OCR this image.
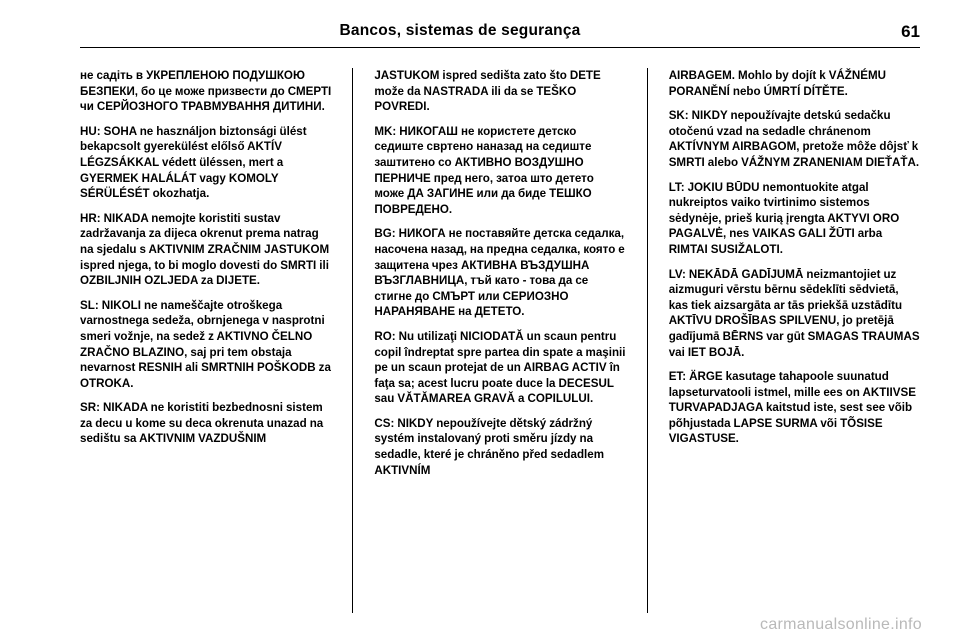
Bancos, sistemas de segurança	61

не садіть в УКРЕПЛЕНОЮ ПОДУШКОЮ БЕЗПЕКИ, бо це може призвести до СМЕРТІ чи СЕРЙОЗНОГО ТРАВМУВАННЯ ДИТИНИ.

HU: SOHA ne használjon biztonsági ülést bekapcsolt gyerekülést előlső AKTÍV LÉGZSÁKKAL védett üléssen, mert a GYERMEK HALÁLÁT vagy KOMOLY SÉRÜLÉSÉT okozhatja.

HR: NIKADA nemojte koristiti sustav zadržavanja za dijeca okrenut prema natrag na sjedalu s AKTIVNIM ZRAČNIM JASTUKOM ispred njega, to bi moglo dovesti do SMRTI ili OZBILJNIH OZLJEDA za DIJETE.

SL: NIKOLI ne nameščajte otroškega varnostnega sedeža, obrnjenega v nasprotni smeri vožnje, na sedež z AKTIVNO ČELNO ZRAČNO BLAZINO, saj pri tem obstaja nevarnost RESNIH ali SMRTNIH POŠKODB za OTROKA.

SR: NIKADA ne koristiti bezbednosni sistem za decu u kome su deca okrenuta unazad na sedištu sa AKTIVNIM VAZDUŠNIM

JASTUKOM ispred sedišta zato što DETE može da NASTRADA ili da se TEŠKO POVREDI.

MK: НИКОГАШ не користете детско седиште свртено наназад на седиште заштитено со АКТИВНО ВОЗДУШНО ПЕРНИЧЕ пред него, затоа што детето може ДА ЗАГИНЕ или да биде ТЕШКО ПОВРЕДЕНО.

BG: НИКОГА не поставяйте детска седалка, насочена назад, на предна седалка, която е защитена чрез АКТИВНА ВЪЗДУШНА ВЪЗГЛАВНИЦА, тъй като - това да се стигне до СМЪРТ или СЕРИОЗНО НАРАНЯВАНЕ на ДЕТЕТО.

RO: Nu utilizaţi NICIODATĂ un scaun pentru copil îndreptat spre partea din spate a maşinii pe un scaun protejat de un AIRBAG ACTIV în faţa sa; acest lucru poate duce la DECESUL sau VĂTĂMAREA GRAVĂ a COPILULUI.

CS: NIKDY nepoužívejte dětský zádržný systém instalovaný proti směru jízdy na sedadle, které je chráněno před sedadlem AKTIVNÍM

AIRBAGEM. Mohlo by dojít k VÁŽNÉMU PORANĚNÍ nebo ÚMRTÍ DÍTĚTE.

SK: NIKDY nepoužívajte detskú sedačku otočenú vzad na sedadle chránenom AKTÍVNYM AIRBAGOM, pretože môže dôjsť k SMRTI alebo VÁŽNYM ZRANENIAM DIEŤAŤA.

LT: JOKIU BŪDU nemontuokite atgal nukreiptos vaiko tvirtinimo sistemos sėdynėje, prieš kurią įrengta AKTYVI ORO PAGALVĖ, nes VAIKAS GALI ŽŪTI arba RIMTAI SUSIŽALOTI.

LV: NEKĀDĀ GADĪJUMĀ neizmantojiet uz aizmuguri vērstu bērnu sēdeklīti sēdvietā, kas tiek aizsargāta ar tās priekšā uzstādītu AKTĪVU DROŠĪBAS SPILVENU, jo pretējā gadījumā BĒRNS var gūt SMAGAS TRAUMAS vai IET BOJĀ.

ET: ÄRGE kasutage tahapoole suunatud lapseturvatooli istmel, mille ees on AKTIIVSE TURVAPADJAGA kaitstud iste, sest see võib põhjustada LAPSE SURMA või TÕSISE VIGASTUSE.

carmanualsonline.info
